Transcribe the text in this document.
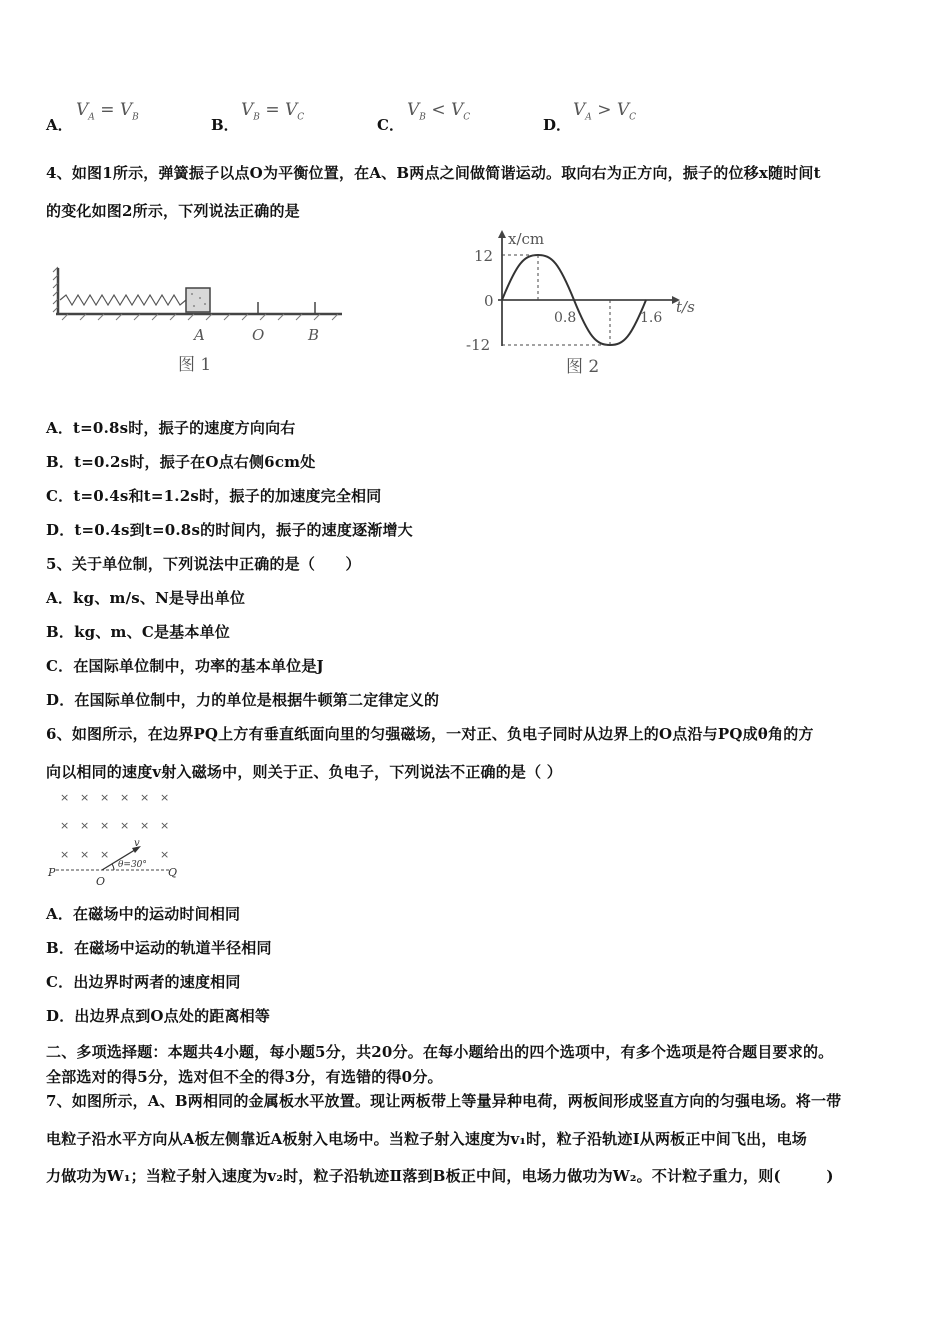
A．
$V_A = V_B$	B．
$V_B = V_C$	C．
$V_B < V_C$	D．
$V_A > V_C$
4、如图1所示，弹簧振子以点O为平衡位置，在A、B两点之间做简谐运动。取向右为正方向，振子的位移x随时间t
的变化如图2所示，下列说法正确的是
A	O	B
图 1
x/cm
t/s
12
-12
0
0.8	1.6
图 2
A．t=0.8s时，振子的速度方向向右
B．t=0.2s时，振子在O点右侧6cm处
C．t=0.4s和t=1.2s时，振子的加速度完全相同
D．t=0.4s到t=0.8s的时间内，振子的速度逐渐增大
5、关于单位制，下列说法中正确的是（　　）
A．kg、m/s、N是导出单位
B．kg、m、C是基本单位
C．在国际单位制中，功率的基本单位是J
D．在国际单位制中，力的单位是根据牛顿第二定律定义的
6、如图所示，在边界PQ上方有垂直纸面向里的匀强磁场，一对正、负电子同时从边界上的O点沿与PQ成θ角的方
向以相同的速度v射入磁场中，则关于正、负电子，下列说法不正确的是（ ）
× × × × × ×
× × × × × ×
× × ×	×
P
O
Q
v
θ=30°
A．在磁场中的运动时间相同
B．在磁场中运动的轨道半径相同
C．出边界时两者的速度相同
D．出边界点到O点处的距离相等
二、多项选择题：本题共4小题，每小题5分，共20分。在每小题给出的四个选项中，有多个选项是符合题目要求的。
全部选对的得5分，选对但不全的得3分，有选错的得0分。
7、如图所示，A、B两相同的金属板水平放置。现让两板带上等量异种电荷，两板间形成竖直方向的匀强电场。将一带
电粒子沿水平方向从A板左侧靠近A板射入电场中。当粒子射入速度为v₁时，粒子沿轨迹Ⅰ从两板正中间飞出，电场
力做功为W₁；当粒子射入速度为v₂时，粒子沿轨迹Ⅱ落到B板正中间，电场力做功为W₂。不计粒子重力，则(　　　)
